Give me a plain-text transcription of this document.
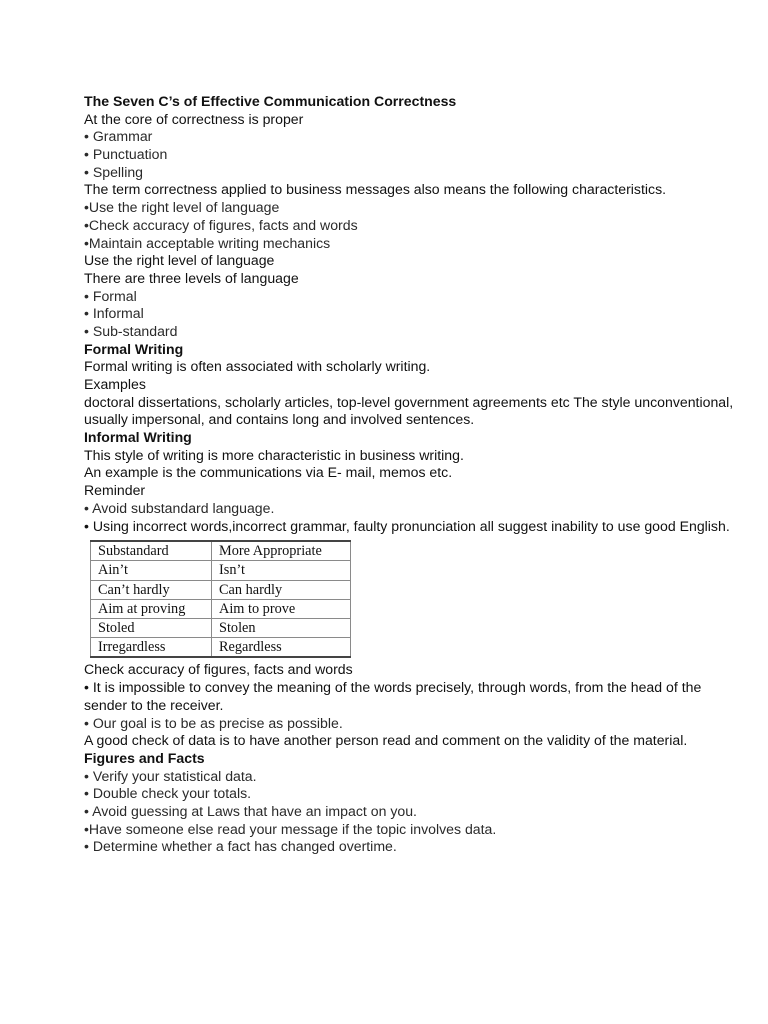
The Seven C’s of Effective Communication Correctness
At the core of correctness is proper
• Grammar
• Punctuation
• Spelling
The term correctness applied to business messages also means the following characteristics.
•Use the right level of language
•Check accuracy of figures, facts and words
•Maintain acceptable writing mechanics
Use the right level of language
There are three levels of language
• Formal
• Informal
• Sub-standard
Formal Writing
Formal writing is often associated with scholarly writing.
Examples
doctoral dissertations, scholarly articles, top-level government agreements etc The style unconventional, usually impersonal, and contains long and involved sentences.
Informal Writing
This style of writing is more characteristic in business writing.
An example is the communications via E- mail, memos etc.
Reminder
• Avoid substandard language.
• Using incorrect words,incorrect grammar, faulty pronunciation all suggest inability to use good English.
Substandard	More Appropriate
Ain’t	Isn’t
Can’t hardly	Can hardly
Aim at proving	Aim to prove
Stoled	Stolen
Irregardless	Regardless
Check accuracy of figures, facts and words
• It is impossible to convey the meaning of the words precisely, through words, from the head of the sender to the receiver.
• Our goal is to be as precise as possible.
A good check of data is to have another person read and comment on the validity of the material.
Figures and Facts
• Verify your statistical data.
• Double check your totals.
• Avoid guessing at Laws that have an impact on you.
•Have someone else read your message if the topic involves data.
• Determine whether a fact has changed overtime.
